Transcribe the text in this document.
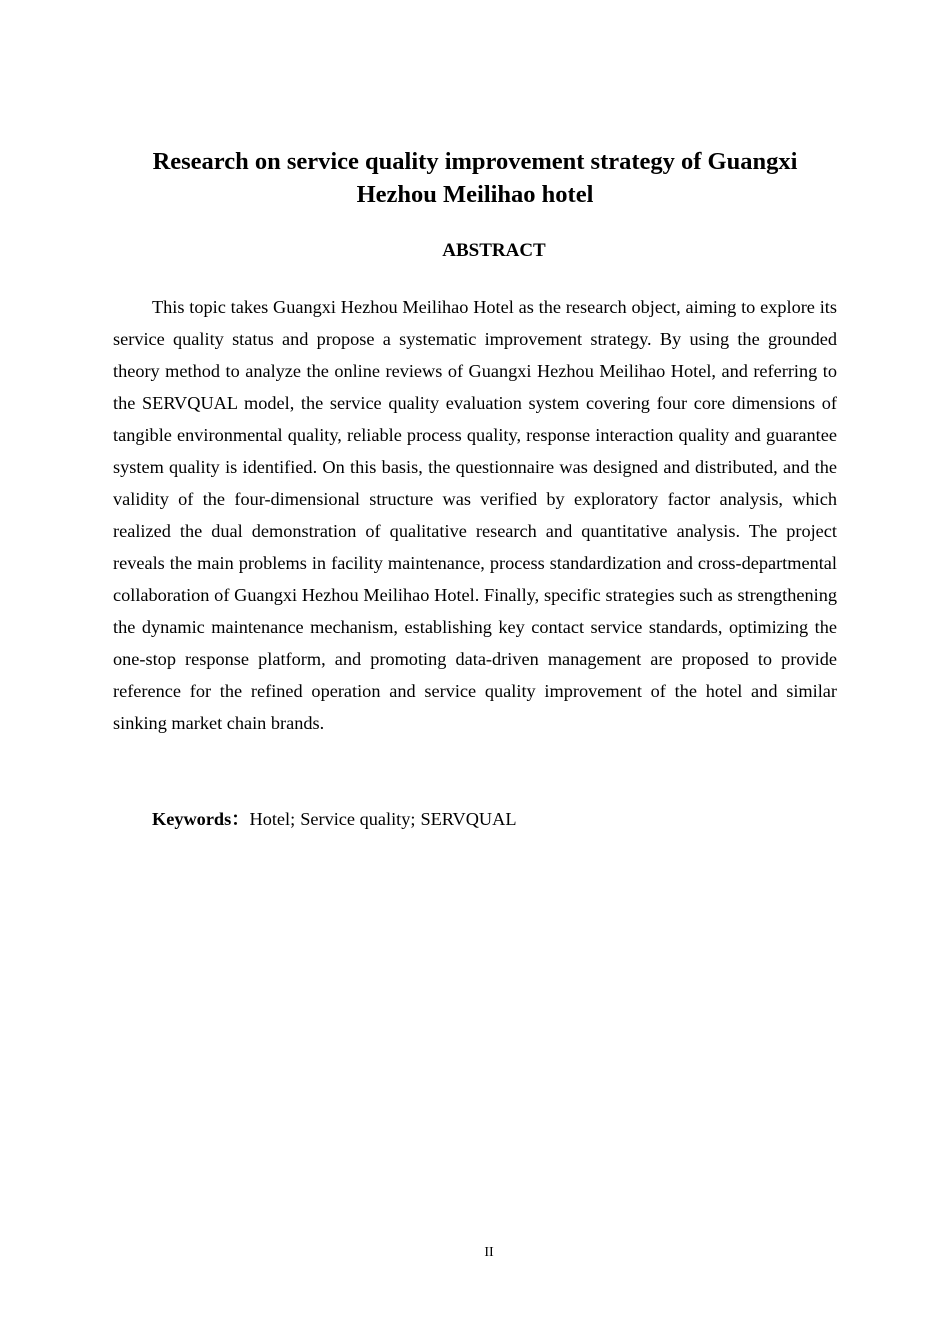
Research on service quality improvement strategy of Guangxi
Hezhou Meilihao hotel
ABSTRACT

This topic takes Guangxi Hezhou Meilihao Hotel as the research object, aiming to explore its service quality status and propose a systematic improvement strategy. By using the grounded theory method to analyze the online reviews of Guangxi Hezhou Meilihao Hotel, and referring to the SERVQUAL model, the service quality evaluation system covering four core dimensions of tangible environmental quality, reliable process quality, response interaction quality and guarantee system quality is identified. On this basis, the questionnaire was designed and distributed, and the validity of the four-dimensional structure was verified by exploratory factor analysis, which realized the dual demonstration of qualitative research and quantitative analysis. The project reveals the main problems in facility maintenance, process standardization and cross-departmental collaboration of Guangxi Hezhou Meilihao Hotel. Finally, specific strategies such as strengthening the dynamic maintenance mechanism, establishing key contact service standards, optimizing the one-stop response platform, and promoting data-driven management are proposed to provide reference for the refined operation and service quality improvement of the hotel and similar sinking market chain brands.

Keywords：Hotel; Service quality; SERVQUAL

II
